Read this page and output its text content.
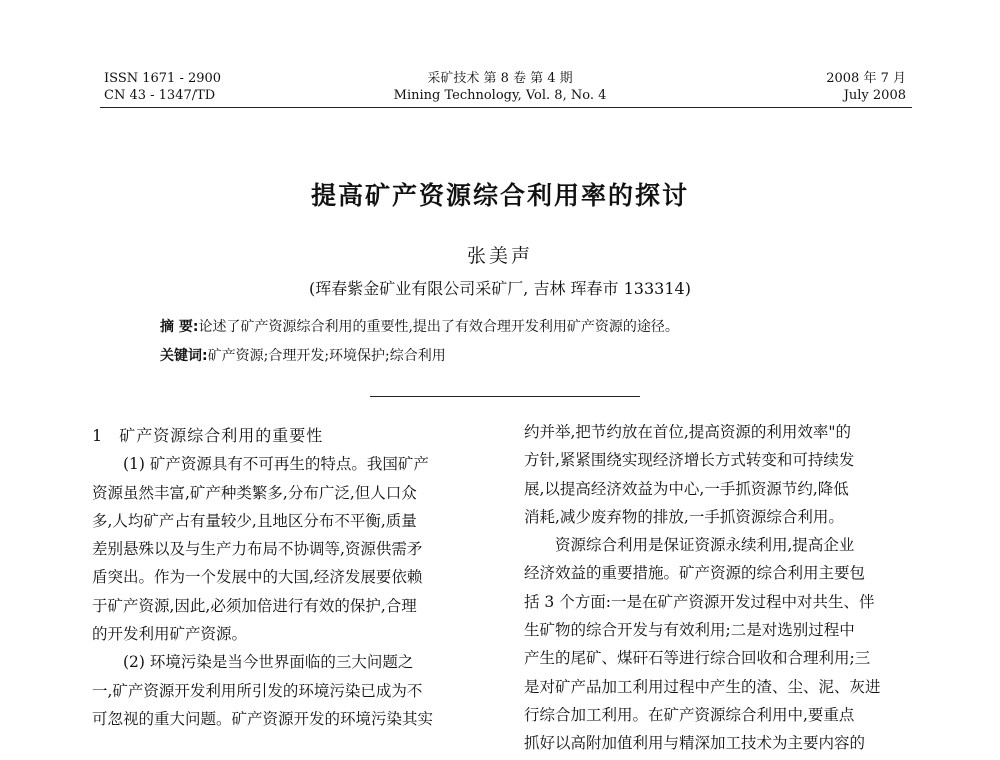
ISSN 1671 - 2900
CN 43 - 1347/TD
采矿技术 第 8 卷 第 4 期
Mining Technology, Vol. 8, No. 4
2008 年 7 月
July 2008
提高矿产资源综合利用率的探讨
张美声
(珲春紫金矿业有限公司采矿厂, 吉林 珲春市 133314)
摘 要:论述了矿产资源综合利用的重要性,提出了有效合理开发利用矿产资源的途径。
关键词:矿产资源;合理开发;环境保护;综合利用
1 矿产资源综合利用的重要性
(1) 矿产资源具有不可再生的特点。我国矿产
资源虽然丰富,矿产种类繁多,分布广泛,但人口众
多,人均矿产占有量较少,且地区分布不平衡,质量
差别悬殊以及与生产力布局不协调等,资源供需矛
盾突出。作为一个发展中的大国,经济发展要依赖
于矿产资源,因此,必须加倍进行有效的保护,合理
的开发利用矿产资源。
(2) 环境污染是当今世界面临的三大问题之
一,矿产资源开发利用所引发的环境污染已成为不
可忽视的重大问题。矿产资源开发的环境污染其实
约并举,把节约放在首位,提高资源的利用效率"的
方针,紧紧围绕实现经济增长方式转变和可持续发
展,以提高经济效益为中心,一手抓资源节约,降低
消耗,减少废弃物的排放,一手抓资源综合利用。
资源综合利用是保证资源永续利用,提高企业
经济效益的重要措施。矿产资源的综合利用主要包
括 3 个方面:一是在矿产资源开发过程中对共生、伴
生矿物的综合开发与有效利用;二是对选别过程中
产生的尾矿、煤矸石等进行综合回收和合理利用;三
是对矿产品加工利用过程中产生的渣、尘、泥、灰进
行综合加工利用。在矿产资源综合利用中,要重点
抓好以高附加值利用与精深加工技术为主要内容的
